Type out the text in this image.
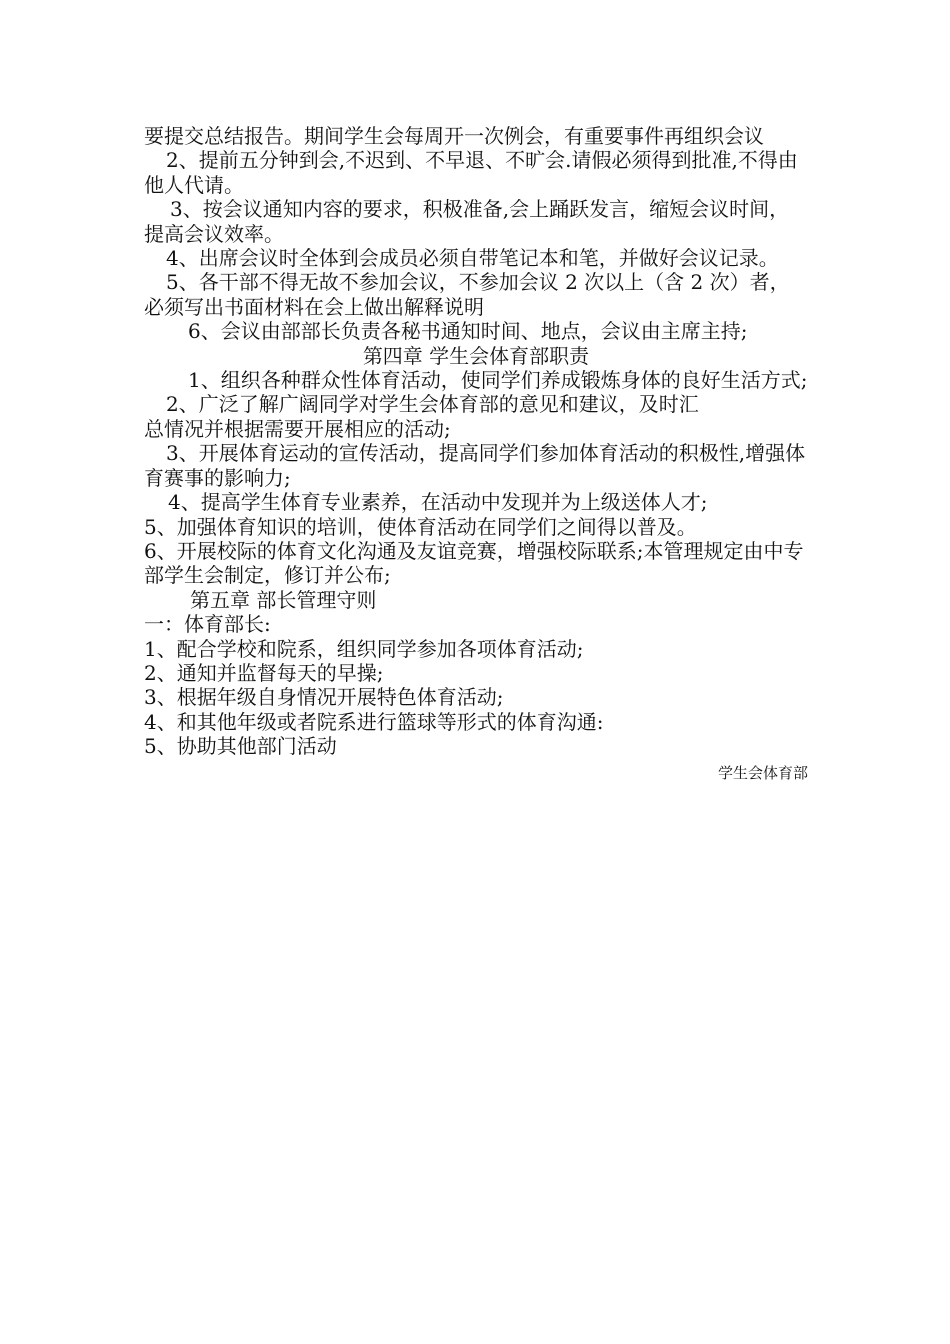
要提交总结报告。期间学生会每周开一次例会，有重要事件再组织会议

2、提前五分钟到会,不迟到、不早退、不旷会.请假必须得到批准,不得由他人代请。

3、按会议通知内容的要求，积极准备,会上踊跃发言，缩短会议时间，提高会议效率。

4、出席会议时全体到会成员必须自带笔记本和笔，并做好会议记录。

5、各干部不得无故不参加会议，不参加会议 2 次以上（含 2 次）者，必须写出书面材料在会上做出解释说明

6、会议由部部长负责各秘书通知时间、地点，会议由主席主持;

第四章 学生会体育部职责

1、组织各种群众性体育活动，使同学们养成锻炼身体的良好生活方式;

2、广泛了解广阔同学对学生会体育部的意见和建议，及时汇

总情况并根据需要开展相应的活动;

3、开展体育运动的宣传活动，提高同学们参加体育活动的积极性,增强体育赛事的影响力;

4、提高学生体育专业素养，在活动中发现并为上级送体人才;

5、加强体育知识的培训，使体育活动在同学们之间得以普及。

6、开展校际的体育文化沟通及友谊竞赛，增强校际联系;本管理规定由中专部学生会制定，修订并公布;

第五章 部长管理守则

一：体育部长:

1、配合学校和院系，组织同学参加各项体育活动;

2、通知并监督每天的早操;

3、根据年级自身情况开展特色体育活动;

4、和其他年级或者院系进行篮球等形式的体育沟通:

5、协助其他部门活动

学生会体育部
